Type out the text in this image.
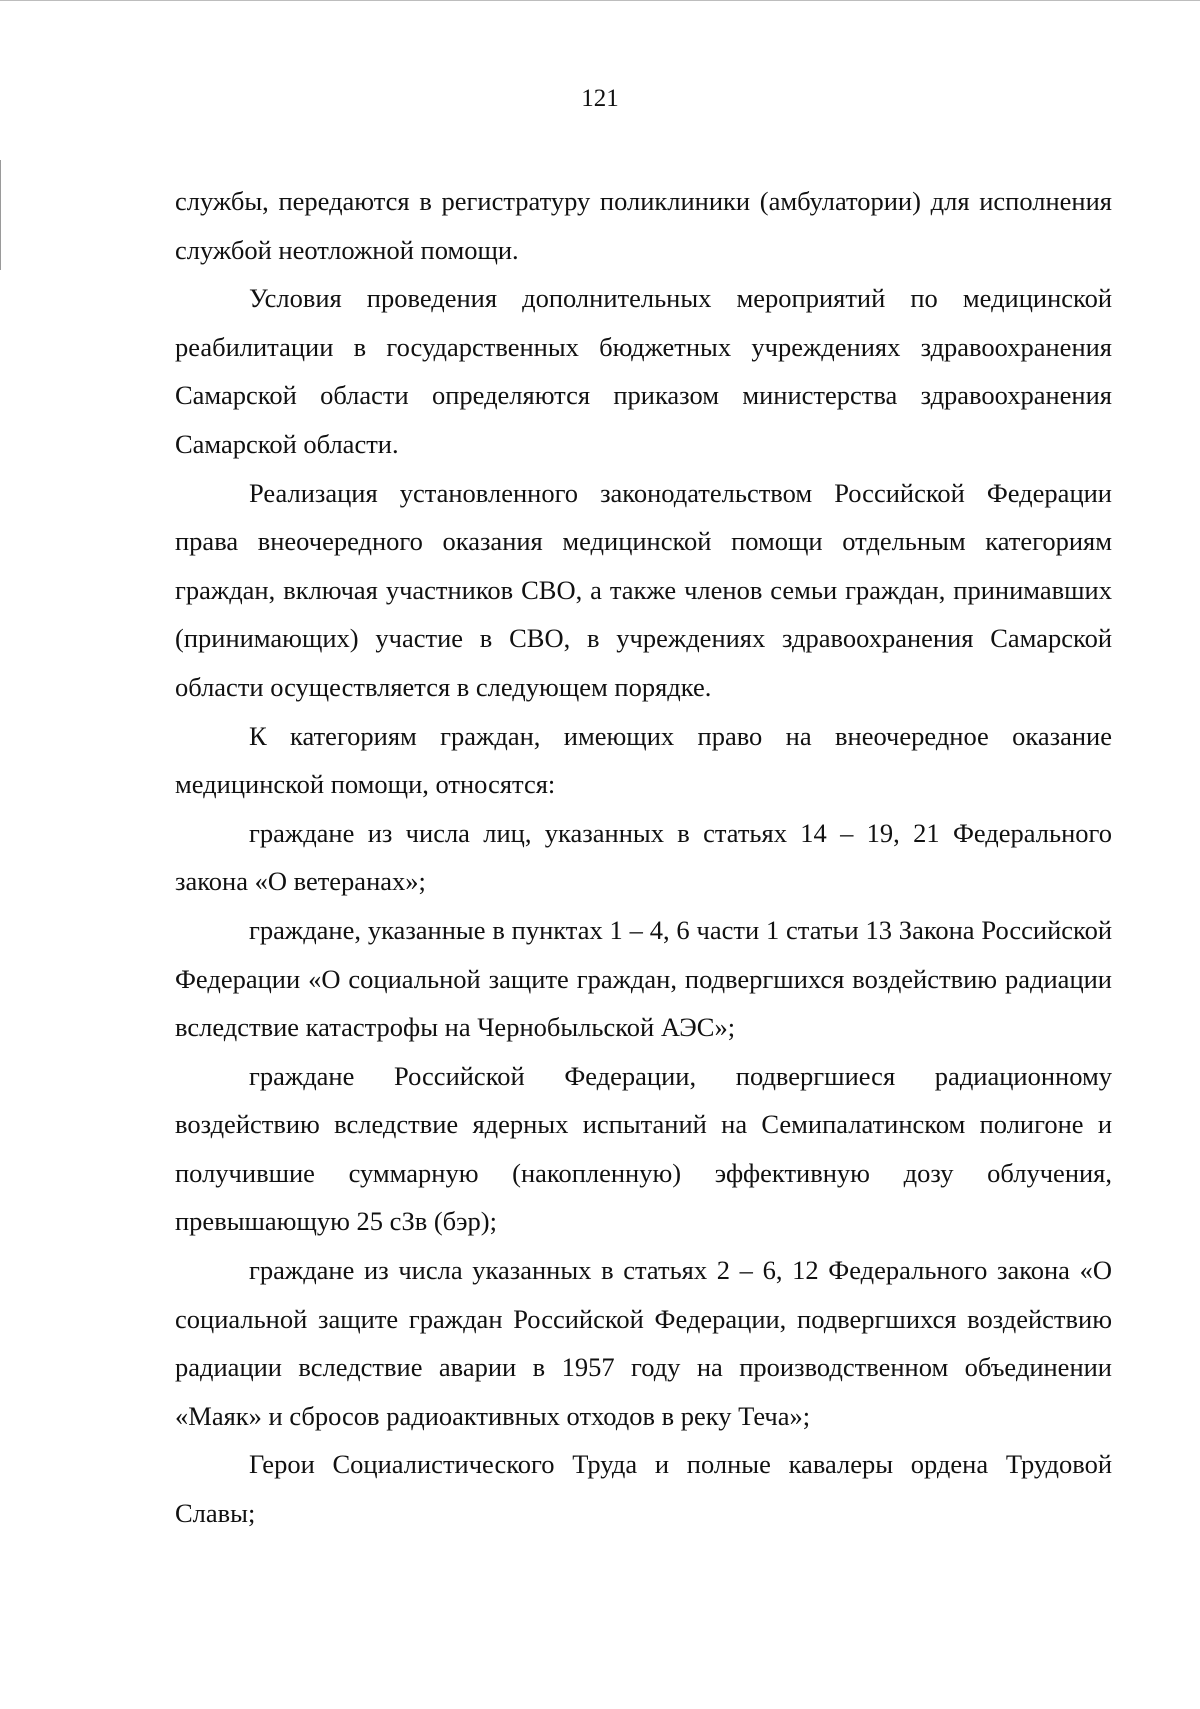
121

службы, передаются в регистратуру поликлиники (амбулатории) для исполнения службой неотложной помощи.

Условия проведения дополнительных мероприятий по медицинской реабилитации в государственных бюджетных учреждениях здравоохранения Самарской области определяются приказом министерства здравоохранения Самарской области.

Реализация установленного законодательством Российской Федерации права внеочередного оказания медицинской помощи отдельным категориям граждан, включая участников СВО, а также членов семьи граждан, принимавших (принимающих) участие в СВО, в учреждениях здравоохранения Самарской области осуществляется в следующем порядке.

К категориям граждан, имеющих право на внеочередное оказание медицинской помощи, относятся:

граждане из числа лиц, указанных в статьях 14 – 19, 21 Федерального закона «О ветеранах»;

граждане, указанные в пунктах 1 – 4, 6 части 1 статьи 13 Закона Российской Федерации «О социальной защите граждан, подвергшихся воздействию радиации вследствие катастрофы на Чернобыльской АЭС»;

граждане Российской Федерации, подвергшиеся радиационному воздействию вследствие ядерных испытаний на Семипалатинском полигоне и получившие суммарную (накопленную) эффективную дозу облучения, превышающую 25 сЗв (бэр);

граждане из числа указанных в статьях 2 – 6, 12 Федерального закона «О социальной защите граждан Российской Федерации, подвергшихся воздействию радиации вследствие аварии в 1957 году на производственном объединении «Маяк» и сбросов радиоактивных отходов в реку Теча»;

Герои Социалистического Труда и полные кавалеры ордена Трудовой Славы;
